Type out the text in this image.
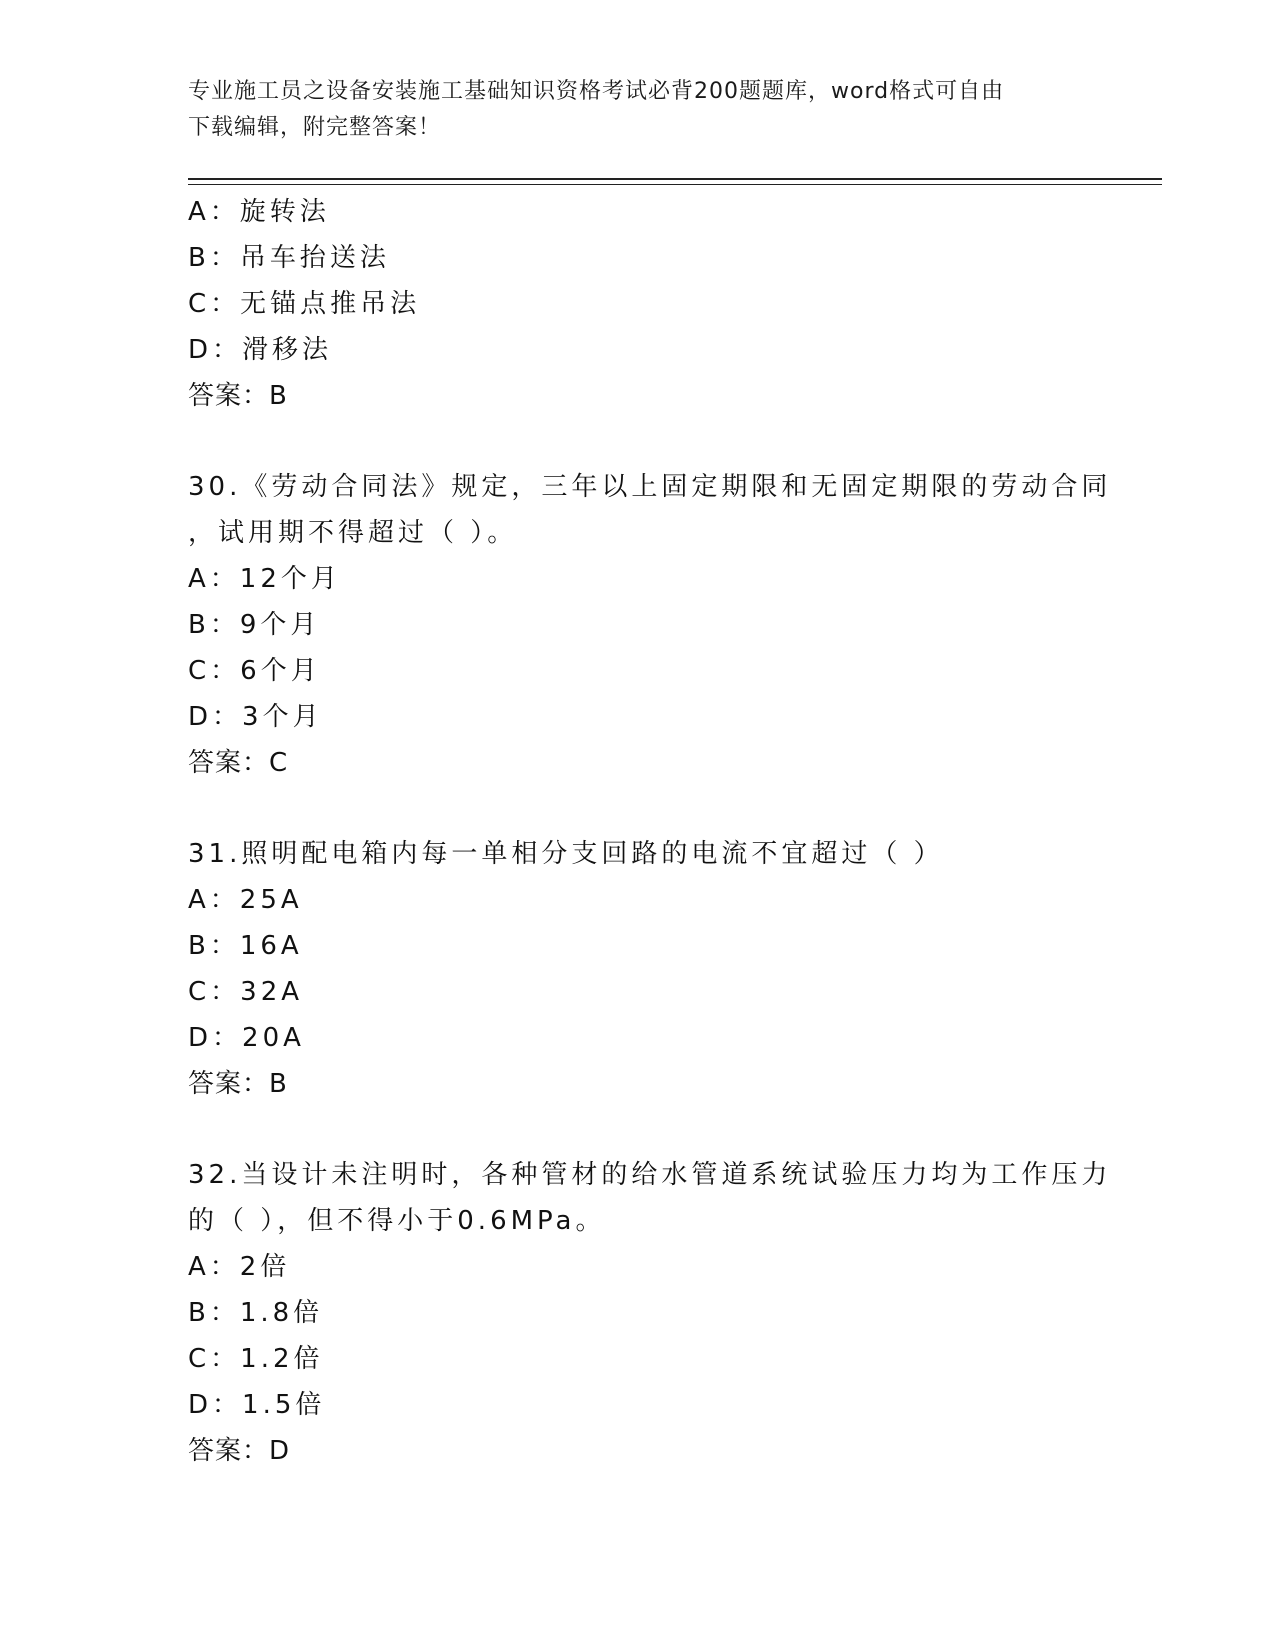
专业施工员之设备安装施工基础知识资格考试必背200题题库，word格式可自由
下载编辑，附完整答案！
A：旋转法
B：吊车抬送法
C：无锚点推吊法
D：滑移法
答案：B
30.《劳动合同法》规定，三年以上固定期限和无固定期限的劳动合同
，试用期不得超过（ ）。
A：12个月
B：9个月
C：6个月
D：3个月
答案：C
31.照明配电箱内每一单相分支回路的电流不宜超过（ ）
A：25A
B：16A
C：32A
D：20A
答案：B
32.当设计未注明时，各种管材的给水管道系统试验压力均为工作压力
的（ ），但不得小于0.6MPa。
A：2倍
B：1.8倍
C：1.2倍
D：1.5倍
答案：D
